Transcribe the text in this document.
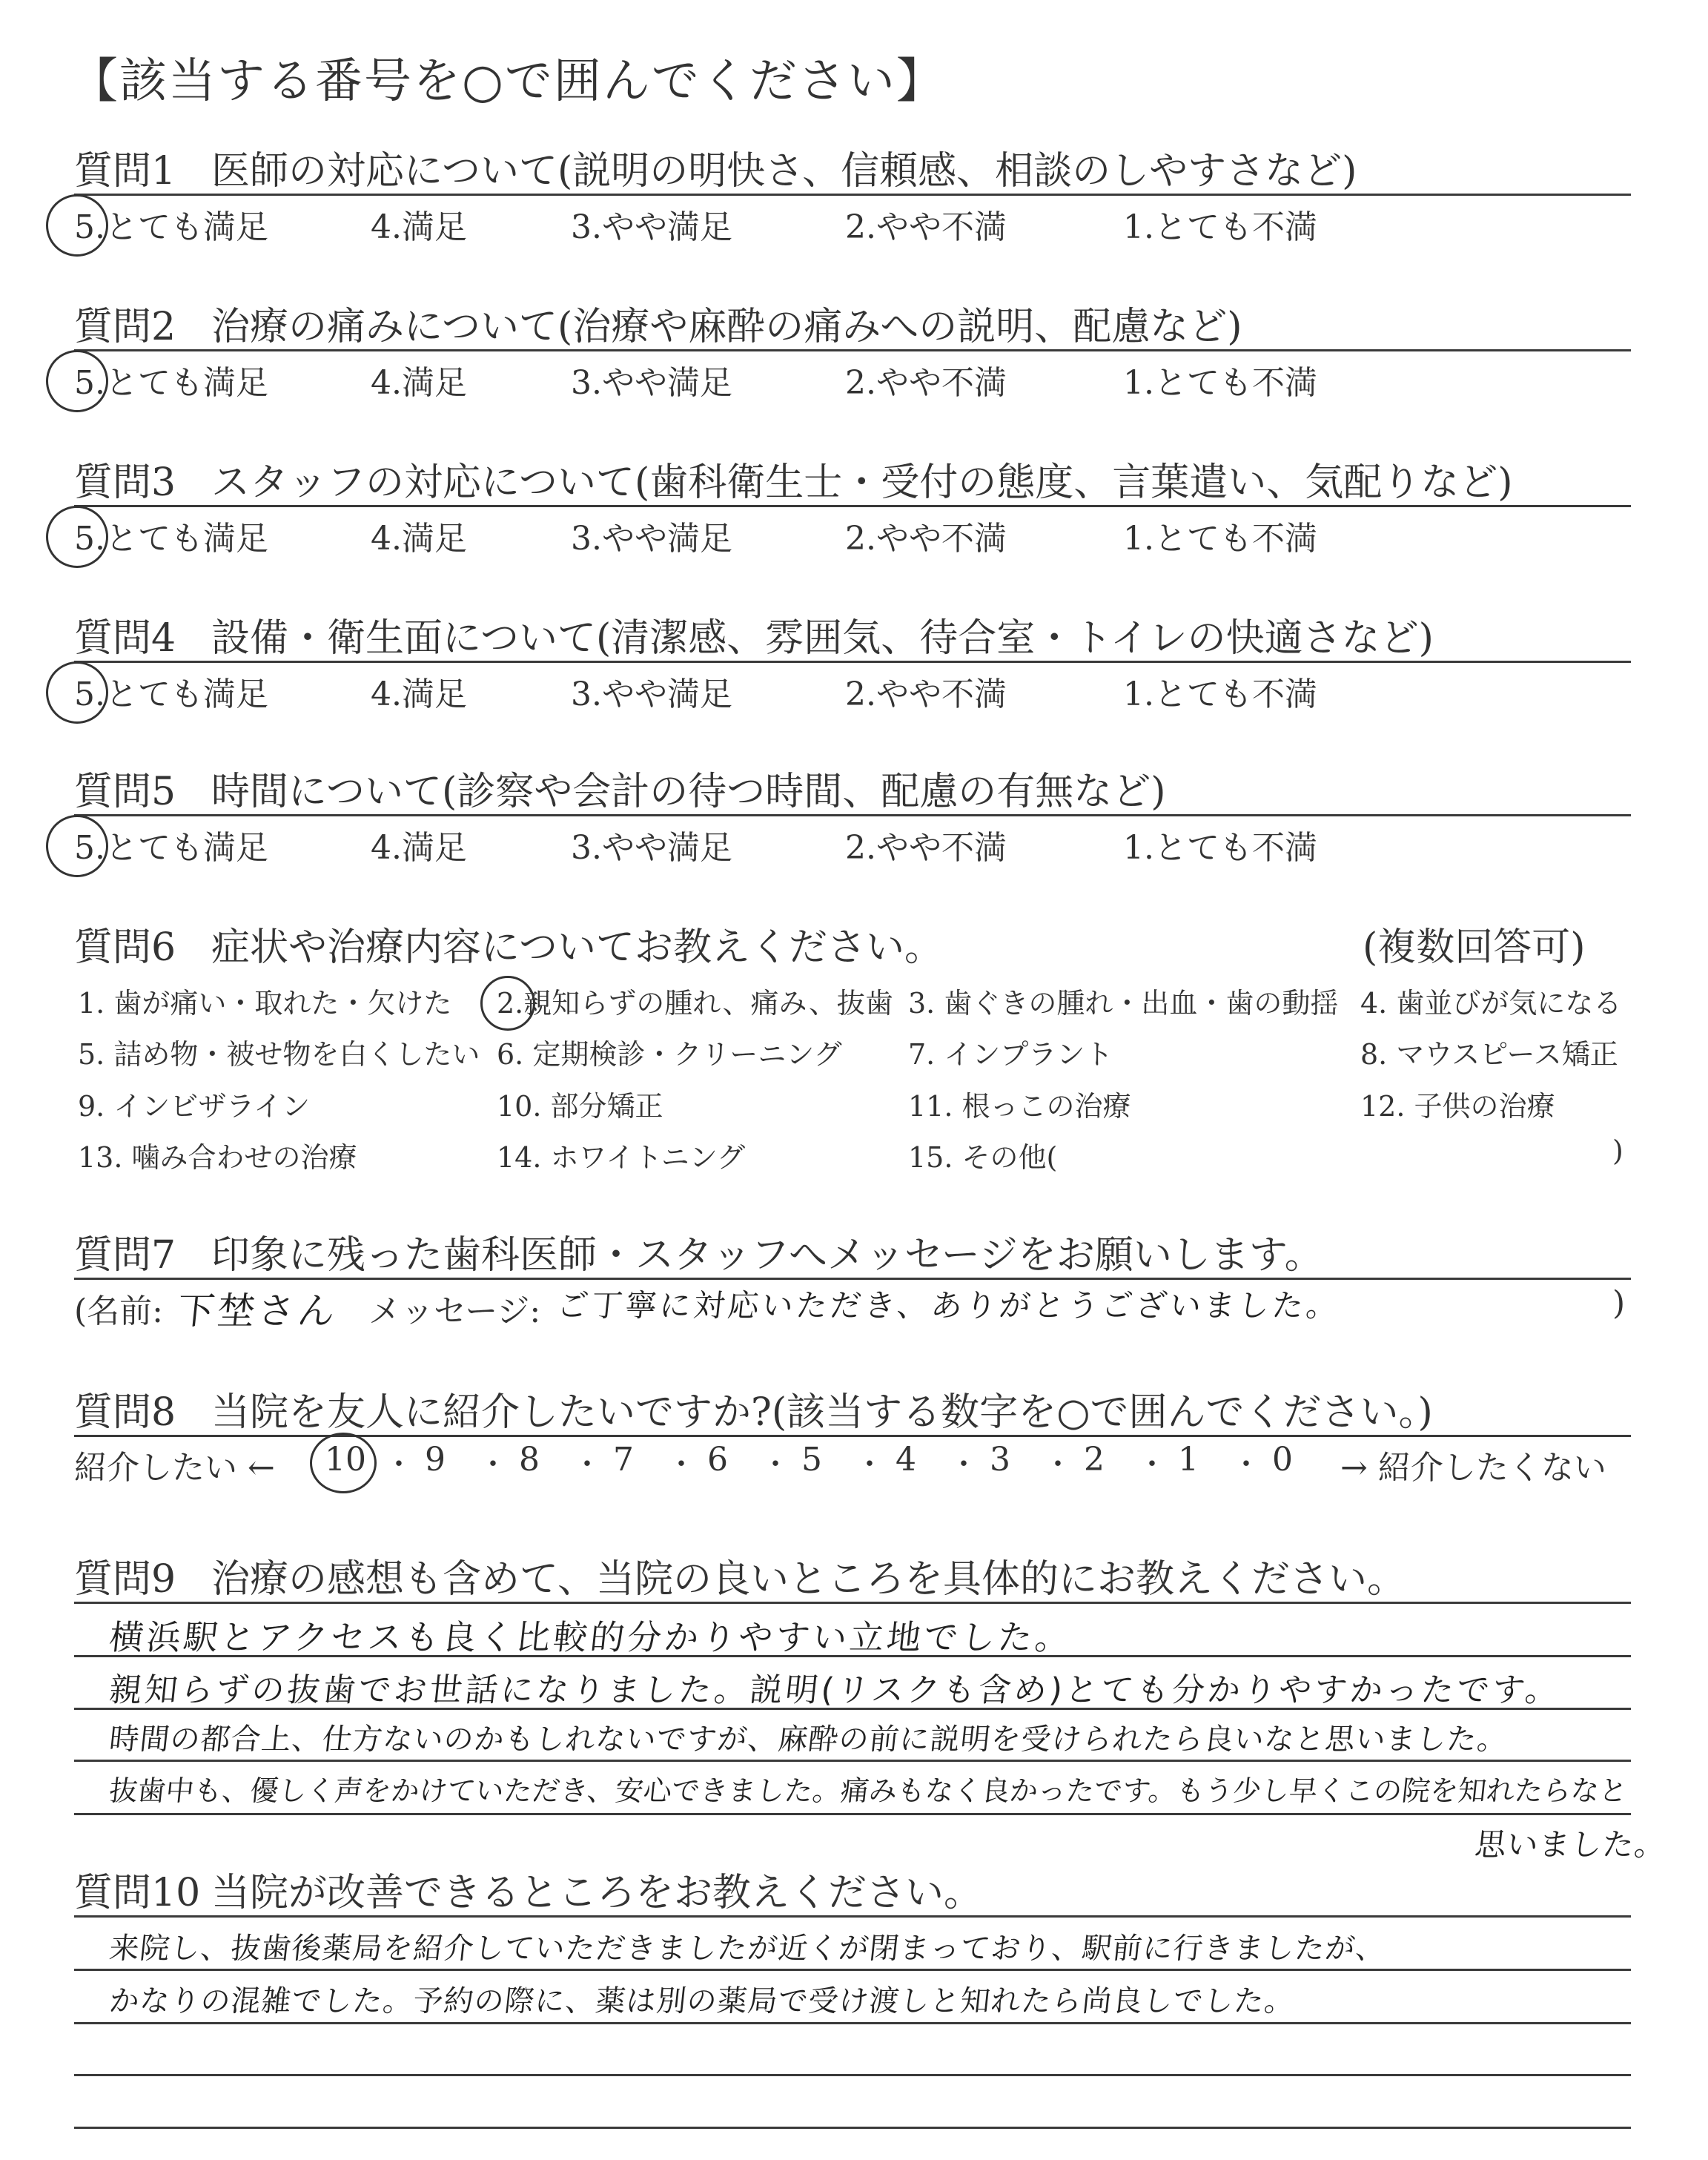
【該当する番号を○で囲んでください】
質問1 医師の対応について(説明の明快さ、信頼感、相談のしやすさなど)
5.とても満足	4.満足	3.やや満足	2.やや不満	1.とても不満
質問2 治療の痛みについて(治療や麻酔の痛みへの説明、配慮など)
5.とても満足	4.満足	3.やや満足	2.やや不満	1.とても不満
質問3 スタッフの対応について(歯科衛生士・受付の態度、言葉遣い、気配りなど)
5.とても満足	4.満足	3.やや満足	2.やや不満	1.とても不満
質問4 設備・衛生面について(清潔感、雰囲気、待合室・トイレの快適さなど)
5.とても満足	4.満足	3.やや満足	2.やや不満	1.とても不満
質問5 時間について(診察や会計の待つ時間、配慮の有無など)
5.とても満足	4.満足	3.やや満足	2.やや不満	1.とても不満
質問6 症状や治療内容についてお教えください。	(複数回答可)
1. 歯が痛い・取れた・欠けた 2.親知らずの腫れ、痛み、抜歯 3. 歯ぐきの腫れ・出血・歯の動揺 4. 歯並びが気になる
5. 詰め物・被せ物を白くしたい 6. 定期検診・クリーニング 7. インプラント	8. マウスピース矯正
9. インビザライン	10. 部分矯正	11. 根っこの治療	12. 子供の治療
13. 噛み合わせの治療	14. ホワイトニング	15. その他(	)
質問7 印象に残った歯科医師・スタッフへメッセージをお願いします。
(名前: 下埜さん メッセージ: ご丁寧に対応いただき、ありがとうございました。	)
質問8 当院を友人に紹介したいですか?(該当する数字を○で囲んでください。)
紹介したい ← 10 ・ 9 ・ 8 ・ 7 ・ 6 ・ 5 ・ 4 ・ 3 ・ 2 ・ 1 ・ 0 → 紹介したくない
質問9 治療の感想も含めて、当院の良いところを具体的にお教えください。
横浜駅とアクセスも良く比較的分かりやすい立地でした。
親知らずの抜歯でお世話になりました。説明(リスクも含め)とても分かりやすかったです。
時間の都合上、仕方ないのかもしれないですが、麻酔の前に説明を受けられたら良いなと思いました。
抜歯中も、優しく声をかけていただき、安心できました。痛みもなく良かったです。もう少し早くこの院を知れたらなと
思いました。
質問10 当院が改善できるところをお教えください。
来院し、抜歯後薬局を紹介していただきましたが近くが閉まっており、駅前に行きましたが、
かなりの混雑でした。予約の際に、薬は別の薬局で受け渡しと知れたら尚良しでした。
